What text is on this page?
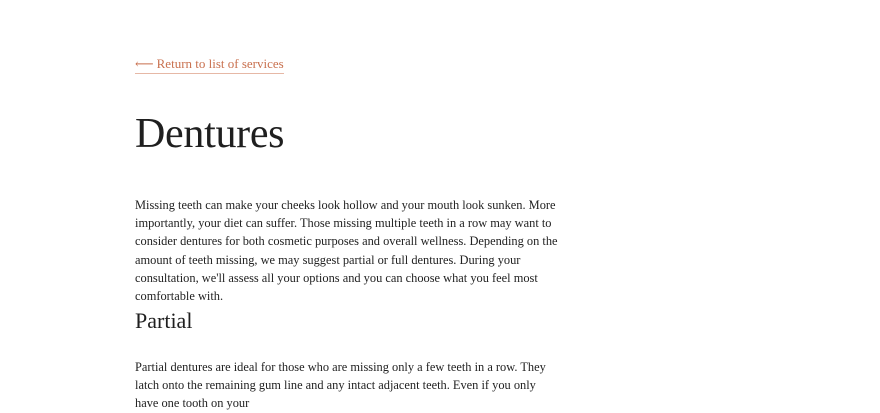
⟵ Return to list of services
Dentures

Missing teeth can make your cheeks look hollow and your mouth look sunken. More importantly, your diet can suffer. Those missing multiple teeth in a row may want to consider dentures for both cosmetic purposes and overall wellness. Depending on the amount of teeth missing, we may suggest partial or full dentures. During your consultation, we'll assess all your options and you can choose what you feel most comfortable with.

Partial

Partial dentures are ideal for those who are missing only a few teeth in a row. They latch onto the remaining gum line and any intact adjacent teeth. Even if you only have one tooth on your
